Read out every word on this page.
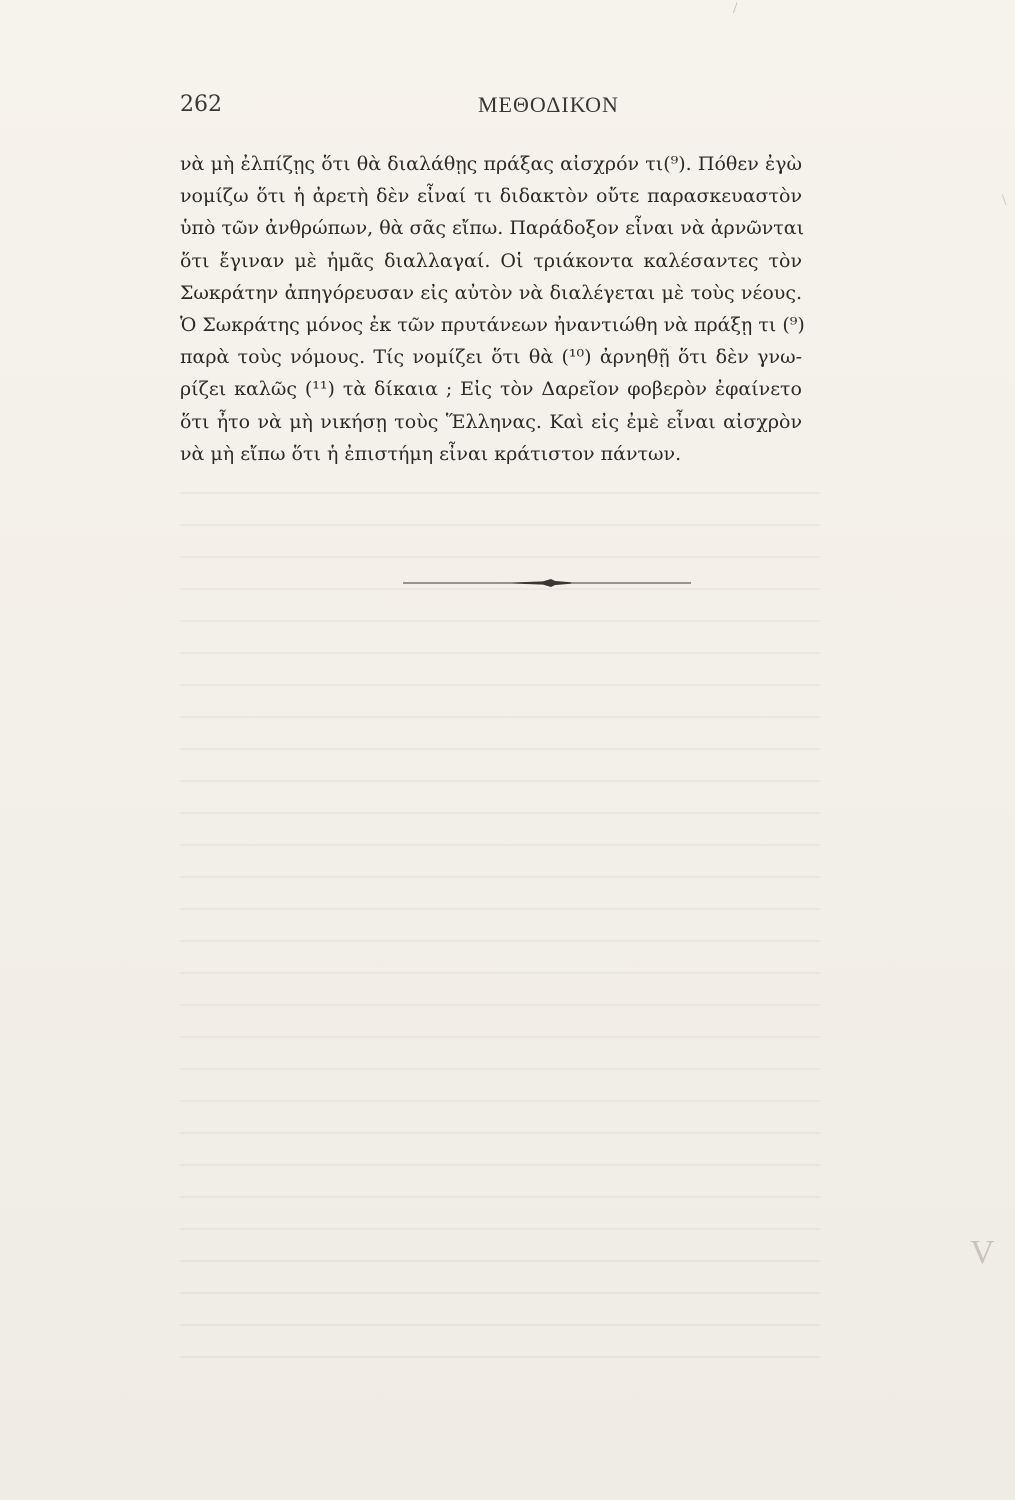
/
\
V
262	ΜΕΘΟΔΙΚΟΝ
νὰ μὴ ἐλπίζῃς ὅτι θὰ διαλάθῃς πράξας αἰσχρόν τι(⁹). Πόθεν ἐγὼ
νομίζω ὅτι ἡ ἀρετὴ δὲν εἶναί τι διδακτὸν οὔτε παρασκευαστὸν
ὑπὸ τῶν ἀνθρώπων, θὰ σᾶς εἴπω. Παράδοξον εἶναι νὰ ἀρνῶνται
ὅτι ἔγιναν μὲ ἡμᾶς διαλλαγαί. Οἱ τριάκοντα καλέσαντες τὸν
Σωκράτην ἀπηγόρευσαν εἰς αὐτὸν νὰ διαλέγεται μὲ τοὺς νέους.
Ὁ Σωκράτης μόνος ἐκ τῶν πρυτάνεων ἠναντιώθη νὰ πράξῃ τι (⁹)
παρὰ τοὺς νόμους. Τίς νομίζει ὅτι θὰ (¹⁰) ἀρνηθῇ ὅτι δὲν γνω-
ρίζει καλῶς (¹¹) τὰ δίκαια ; Εἰς τὸν Δαρεῖον φοβερὸν ἐφαίνετο
ὅτι ἦτο νὰ μὴ νικήσῃ τοὺς Ἕλληνας. Καὶ εἰς ἐμὲ εἶναι αἰσχρὸν
νὰ μὴ εἴπω ὅτι ἡ ἐπιστήμη εἶναι κράτιστον πάντων.
